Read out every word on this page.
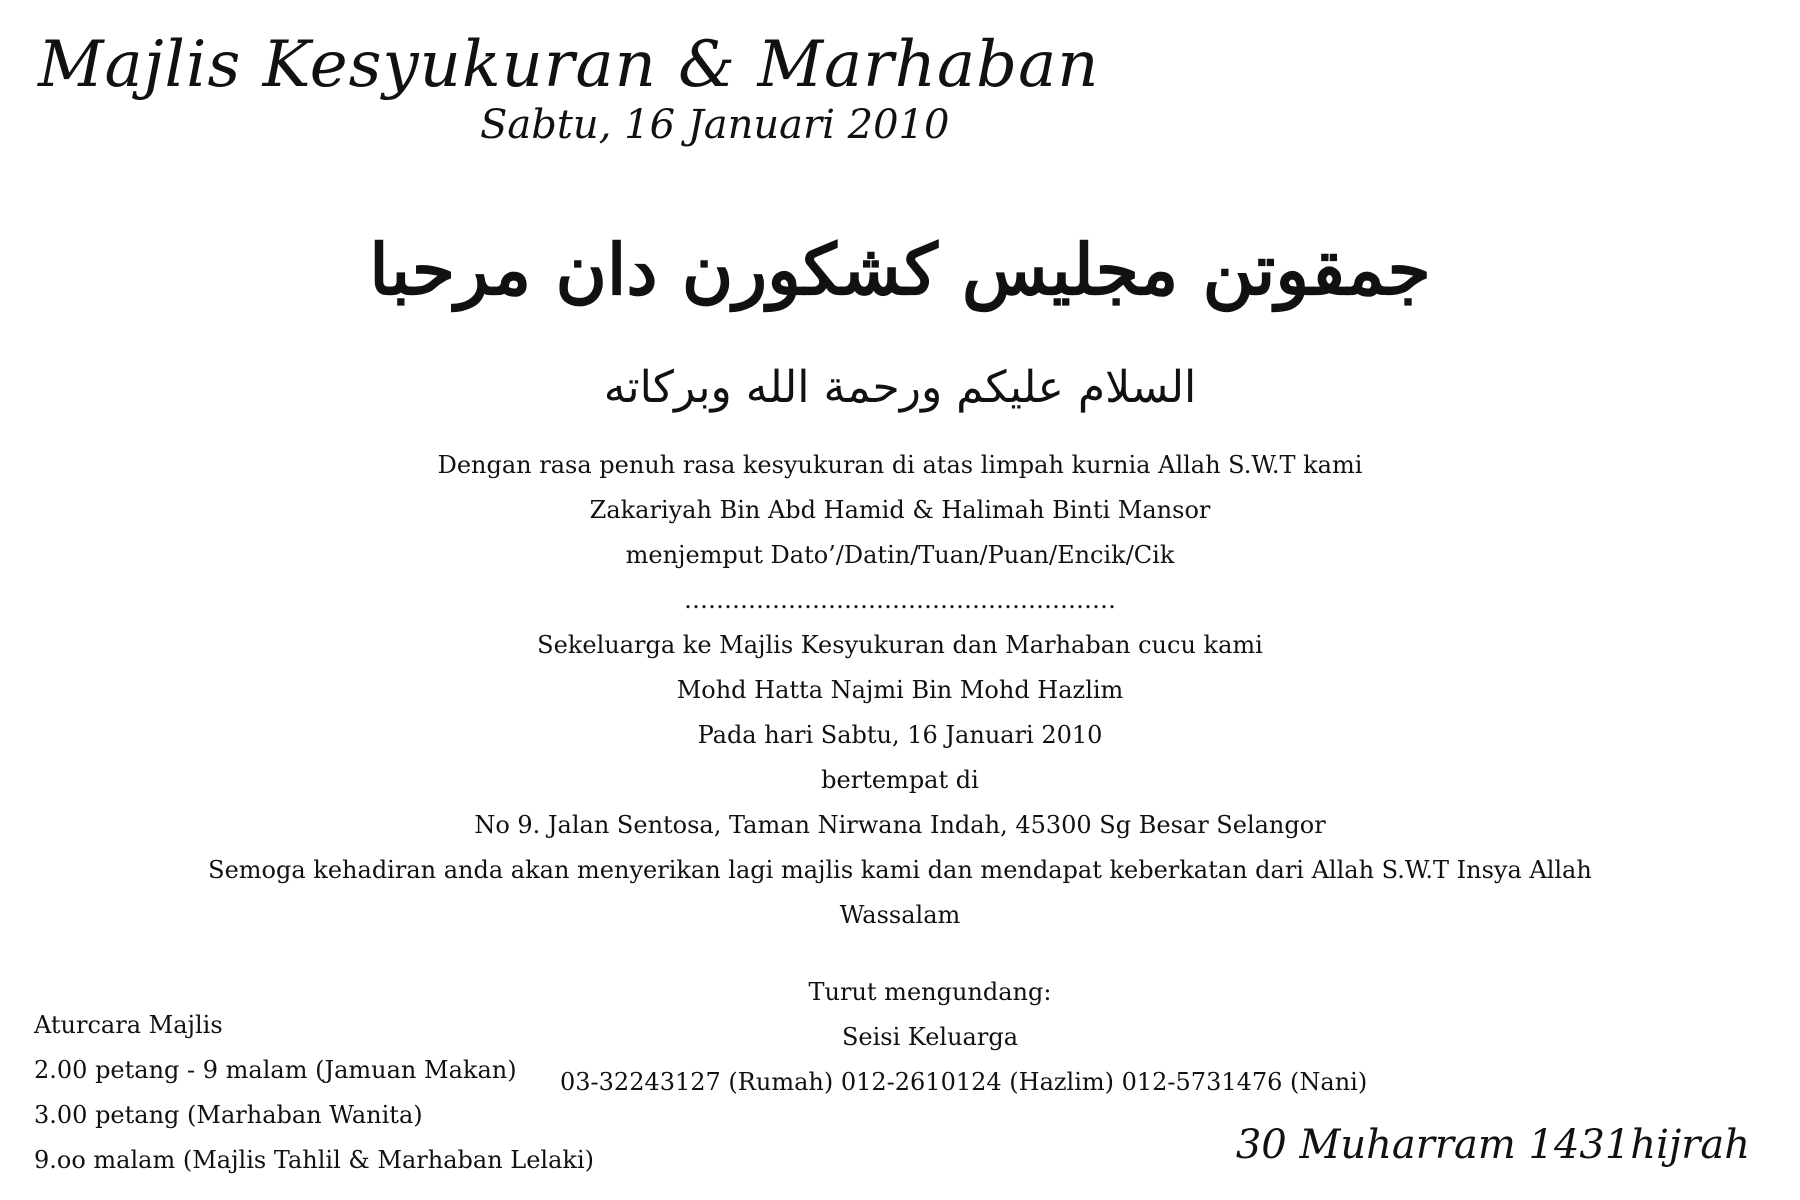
Majlis Kesyukuran & Marhaban
Sabtu, 16 Januari 2010
جمقوتن مجليس كشكورن دان مرحبا
السلام عليكم ورحمة الله وبركاته
Dengan rasa penuh rasa kesyukuran di atas limpah kurnia Allah S.W.T kami
Zakariyah Bin Abd Hamid & Halimah Binti Mansor
menjemput Dato’/Datin/Tuan/Puan/Encik/Cik
………………………………………………
Sekeluarga ke Majlis Kesyukuran dan Marhaban cucu kami
Mohd Hatta Najmi Bin Mohd Hazlim
Pada hari Sabtu, 16 Januari 2010
bertempat di
No 9. Jalan Sentosa, Taman Nirwana Indah, 45300 Sg Besar Selangor
Semoga kehadiran anda akan menyerikan lagi majlis kami dan mendapat keberkatan dari Allah S.W.T Insya Allah
Wassalam
Turut mengundang:
Seisi Keluarga
03-32243127 (Rumah) 012-2610124 (Hazlim) 012-5731476 (Nani)
Aturcara Majlis
2.00 petang - 9 malam (Jamuan Makan)
3.00 petang (Marhaban Wanita)
9.oo malam (Majlis Tahlil & Marhaban Lelaki)	30 Muharram 1431hijrah
